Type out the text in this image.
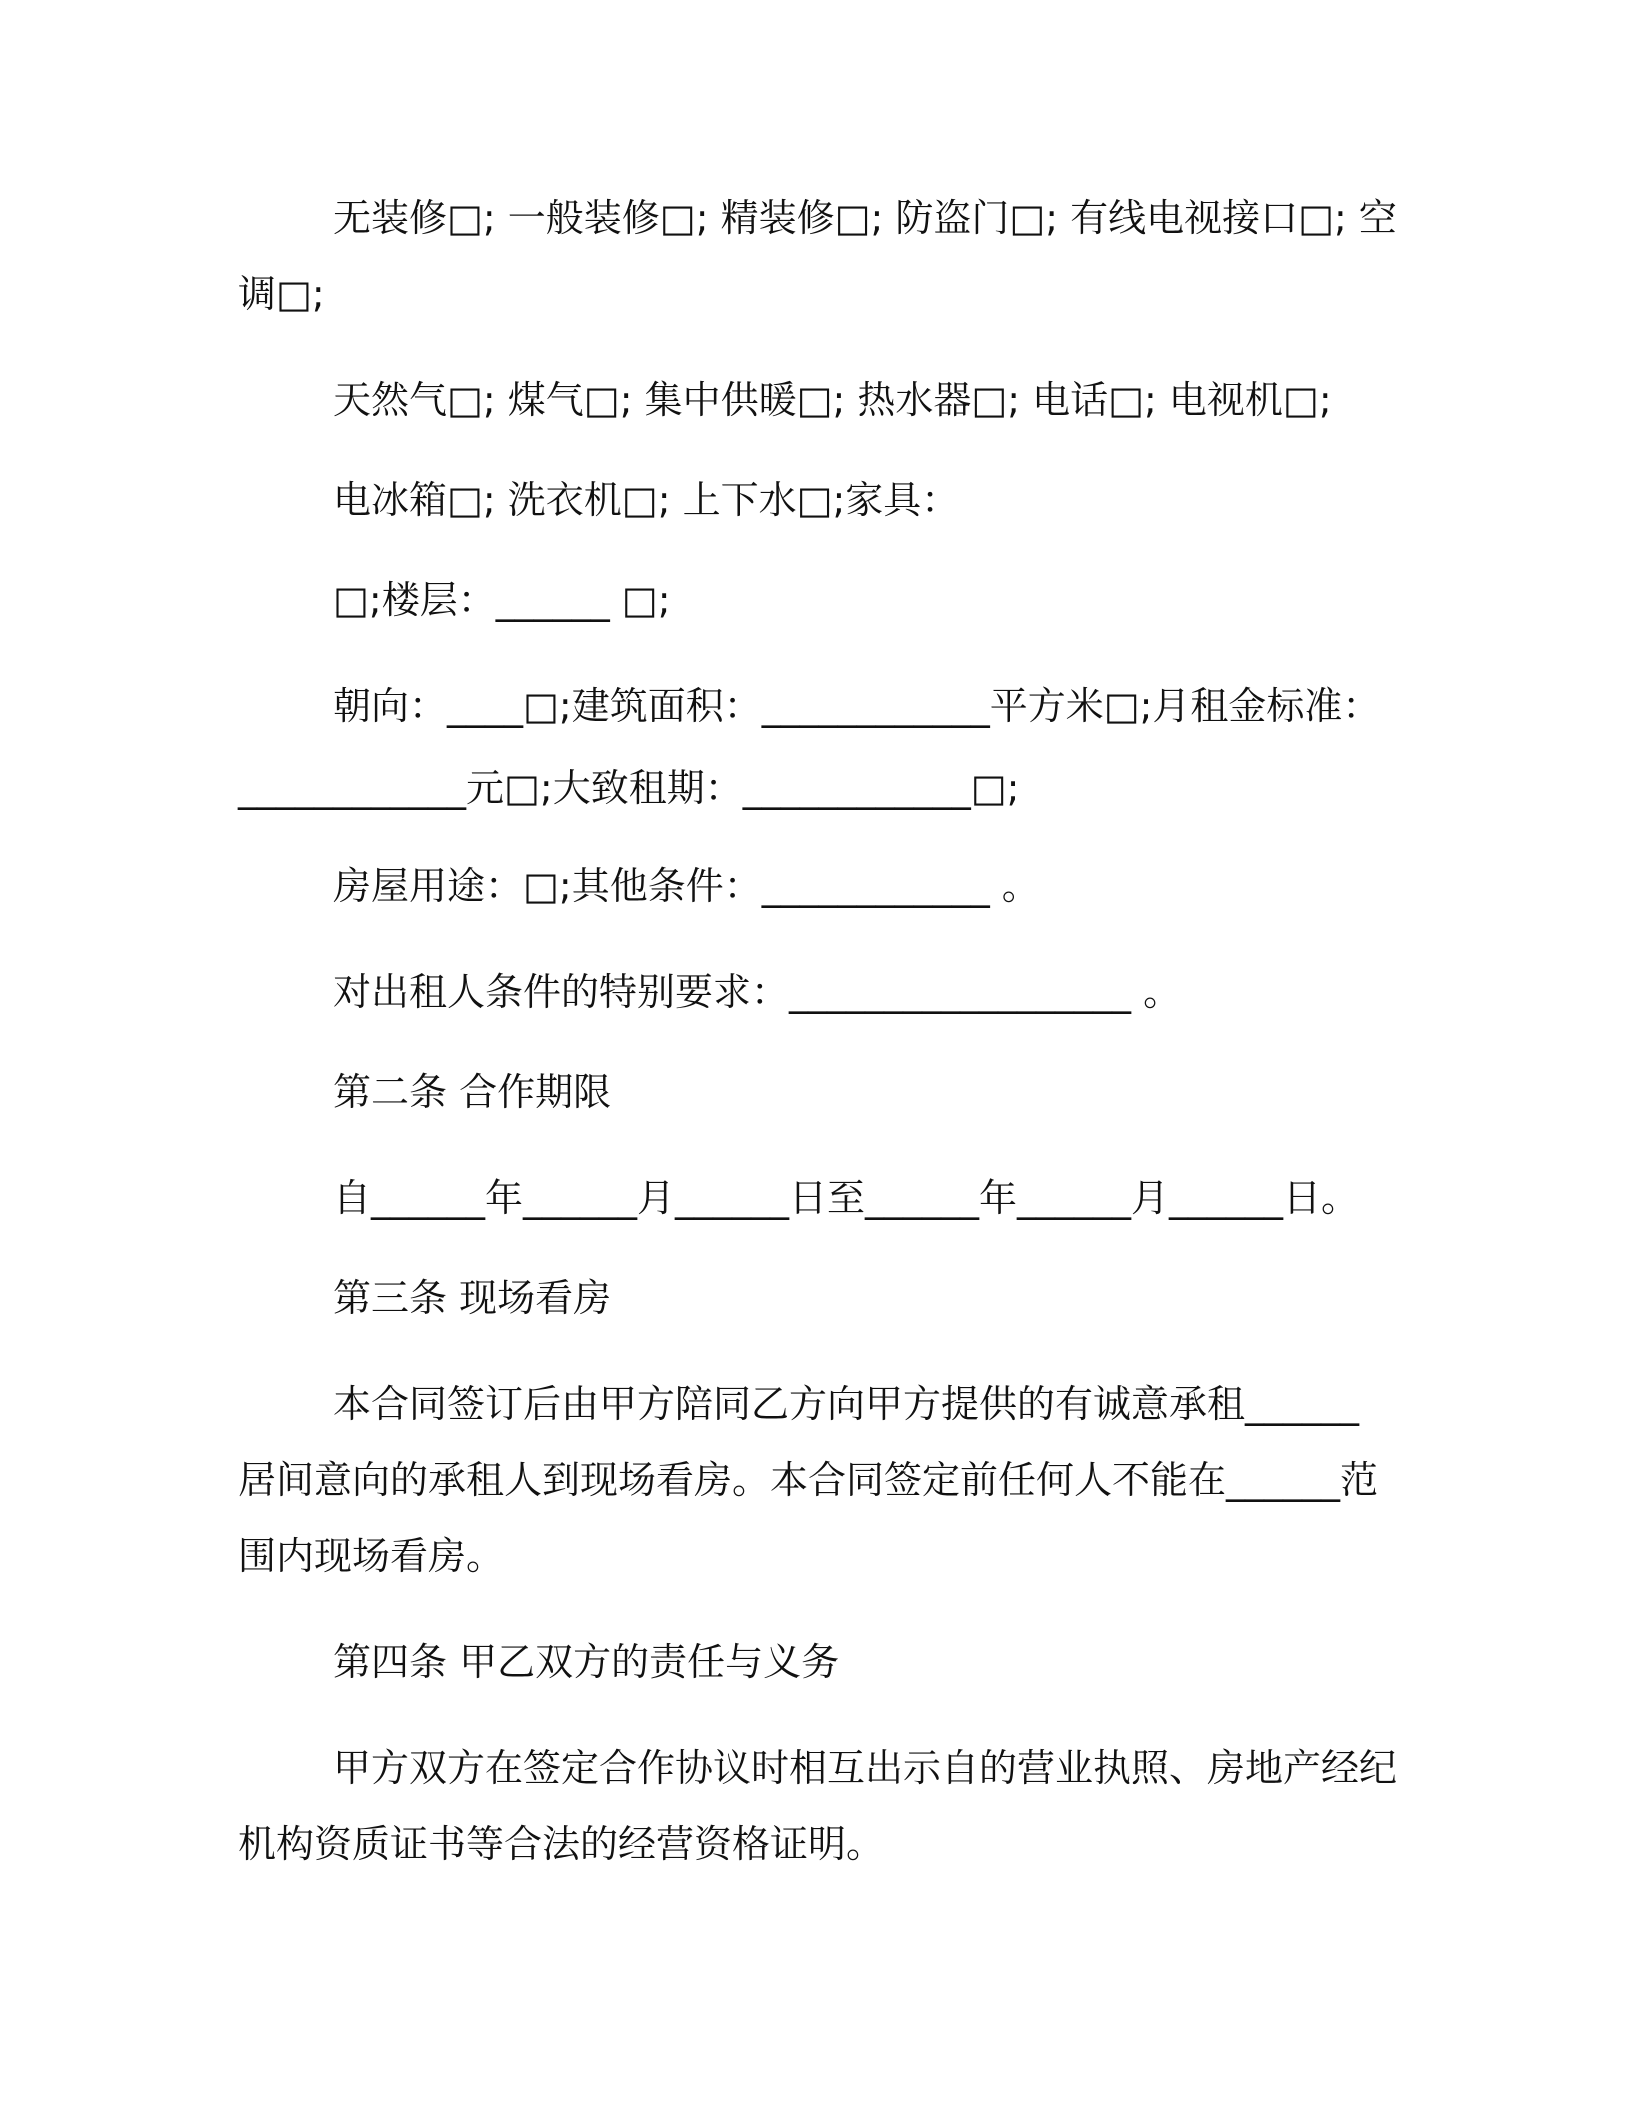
无装修□; 一般装修□; 精装修□; 防盗门□; 有线电视接口□; 空

调□;

天然气□; 煤气□; 集中供暖□; 热水器□; 电话□; 电视机□;

电冰箱□; 洗衣机□; 上下水□;家具：

□;楼层：______ □;

朝向：____□;建筑面积：____________平方米□;月租金标准：

____________元□;大致租期：____________□;

房屋用途：□;其他条件：____________ 。

对出租人条件的特别要求：__________________ 。

第二条 合作期限

自______年______月______日至______年______月______日。

第三条 现场看房

本合同签订后由甲方陪同乙方向甲方提供的有诚意承租______

居间意向的承租人到现场看房。本合同签定前任何人不能在______范

围内现场看房。

第四条 甲乙双方的责任与义务

甲方双方在签定合作协议时相互出示自的营业执照、房地产经纪

机构资质证书等合法的经营资格证明。
